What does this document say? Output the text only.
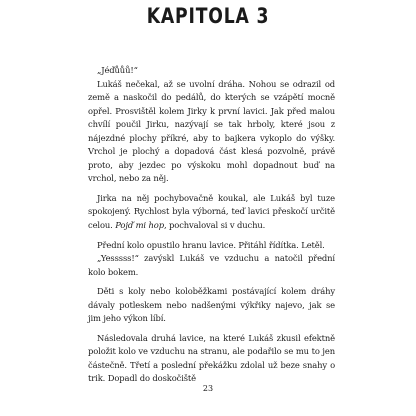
KAPITOLA 3

„Jéďůůů!“

Lukáš nečekal, až se uvolní dráha. Nohou se odrazil od země a naskočil do pedálů, do kterých se vzápětí mocně opřel. Prosvištěl kolem Jirky k první lavici. Jak před malou chvílí poučil Jirku, nazývají se tak hrboly, které jsou z nájezdné plochy příkré, aby to bajkera vykoplo do výšky. Vrchol je plochý a dopadová část klesá pozvolně, právě proto, aby jezdec po výskoku mohl dopadnout buď na vrchol, nebo za něj.

Jirka na něj pochybovačně koukal, ale Lukáš byl tuze spokojený. Rychlost byla výborná, teď lavici přeskočí určitě celou. Pojď mi hop, pochvaloval si v duchu.

Přední kolo opustilo hranu lavice. Přitáhl řídítka. Letěl.

„Yesssss!“ zavýskl Lukáš ve vzduchu a natočil přední kolo bokem.

Děti s koly nebo koloběžkami postávající kolem dráhy dávaly potleskem nebo nadšenými výkřiky najevo, jak se jim jeho výkon líbí.

Následovala druhá lavice, na které Lukáš zkusil efektně položit kolo ve vzduchu na stranu, ale podařilo se mu to jen částečně. Třetí a poslední překážku zdolal už beze snahy o trik. Dopadl do doskočiště

23
